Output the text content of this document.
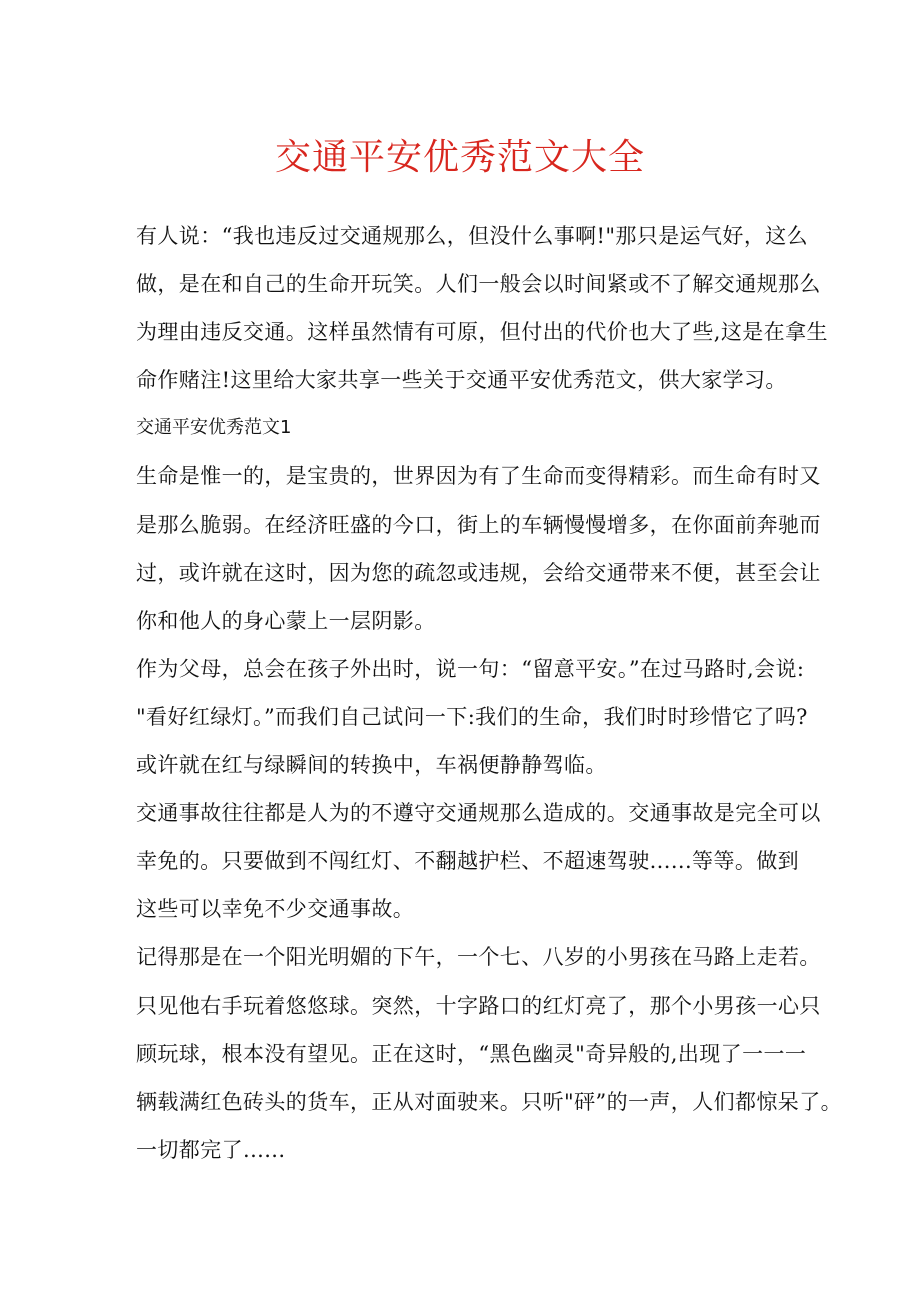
交通平安优秀范文大全
有人说：“我也违反过交通规那么，但没什么事啊!"那只是运气好，这么
做，是在和自己的生命开玩笑。人们一般会以时间紧或不了解交通规那么
为理由违反交通。这样虽然情有可原，但付出的代价也大了些,这是在拿生
命作赌注!这里给大家共享一些关于交通平安优秀范文，供大家学习。
交通平安优秀范文1
生命是惟一的，是宝贵的，世界因为有了生命而变得精彩。而生命有时又
是那么脆弱。在经济旺盛的今口，街上的车辆慢慢增多，在你面前奔驰而
过，或许就在这时，因为您的疏忽或违规，会给交通带来不便，甚至会让
你和他人的身心蒙上一层阴影。
作为父母，总会在孩子外出时，说一句：“留意平安。”在过马路时,会说:
"看好红绿灯。”而我们自己试问一下:我们的生命，我们时时珍惜它了吗?
或许就在红与绿瞬间的转换中，车祸便静静驾临。
交通事故往往都是人为的不遵守交通规那么造成的。交通事故是完全可以
幸免的。只要做到不闯红灯、不翻越护栏、不超速驾驶......等等。做到
这些可以幸免不少交通事故。
记得那是在一个阳光明媚的下午，一个七、八岁的小男孩在马路上走若。
只见他右手玩着悠悠球。突然，十字路口的红灯亮了，那个小男孩一心只
顾玩球，根本没有望见。正在这时，“黑色幽灵"奇异般的,出现了一一一
辆载满红色砖头的货车，正从对面驶来。只听"砰”的一声，人们都惊呆了。
一切都完了......
